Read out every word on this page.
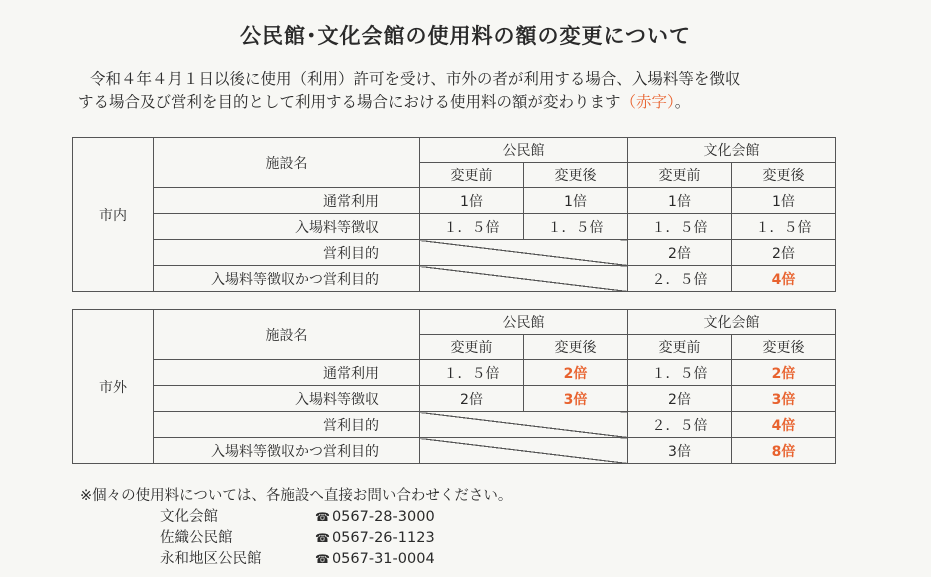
公民館･文化会館の使用料の額の変更について
令和４年４月１日以後に使用（利用）許可を受け、市外の者が利用する場合、入場料等を徴収
する場合及び営利を目的として利用する場合における使用料の額が変わります（赤字）。
市内	施設名	公民館		文化会館	
		変更前	変更後	変更前	変更後
	通常利用	1倍	1倍	1倍	1倍
	入場料等徴収	１．５倍	１．５倍	１．５倍	１．５倍
	営利目的			2倍	2倍
	入場料等徴収かつ営利目的			２．５倍	4倍
市外	施設名	公民館		文化会館	
		変更前	変更後	変更前	変更後
	通常利用	１．５倍	2倍	１．５倍	2倍
	入場料等徴収	2倍	3倍	2倍	3倍
	営利目的			２．５倍	4倍
	入場料等徴収かつ営利目的			3倍	8倍
※個々の使用料については、各施設へ直接お問い合わせください。
文化会館	☎ 0567-28-3000
佐織公民館	☎ 0567-26-1123
永和地区公民館	☎ 0567-31-0004
